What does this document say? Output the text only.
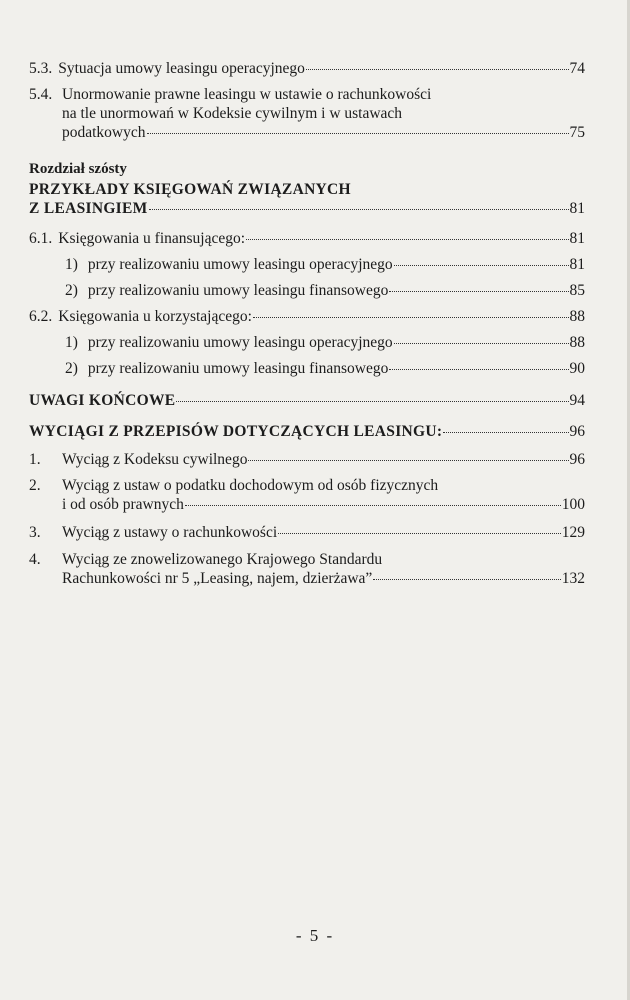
5.3. Sytuacja umowy leasingu operacyjnego	74
5.4. Unormowanie prawne leasingu w ustawie o rachunkowości
na tle unormowań w Kodeksie cywilnym i w ustawach
podatkowych	75
Rozdział szósty
PRZYKŁADY KSIĘGOWAŃ ZWIĄZANYCH
Z LEASINGIEM	81
6.1. Księgowania u finansującego:	81
1) przy realizowaniu umowy leasingu operacyjnego	81
2) przy realizowaniu umowy leasingu finansowego	85
6.2. Księgowania u korzystającego:	88
1) przy realizowaniu umowy leasingu operacyjnego	88
2) przy realizowaniu umowy leasingu finansowego	90
UWAGI KOŃCOWE	94
WYCIĄGI Z PRZEPISÓW DOTYCZĄCYCH LEASINGU:	96
1. Wyciąg z Kodeksu cywilnego	96
2. Wyciąg z ustaw o podatku dochodowym od osób fizycznych
i od osób prawnych	100
3. Wyciąg z ustawy o rachunkowości	129
4. Wyciąg ze znowelizowanego Krajowego Standardu
Rachunkowości nr 5 „Leasing, najem, dzierżawa”	132
- 5 -
